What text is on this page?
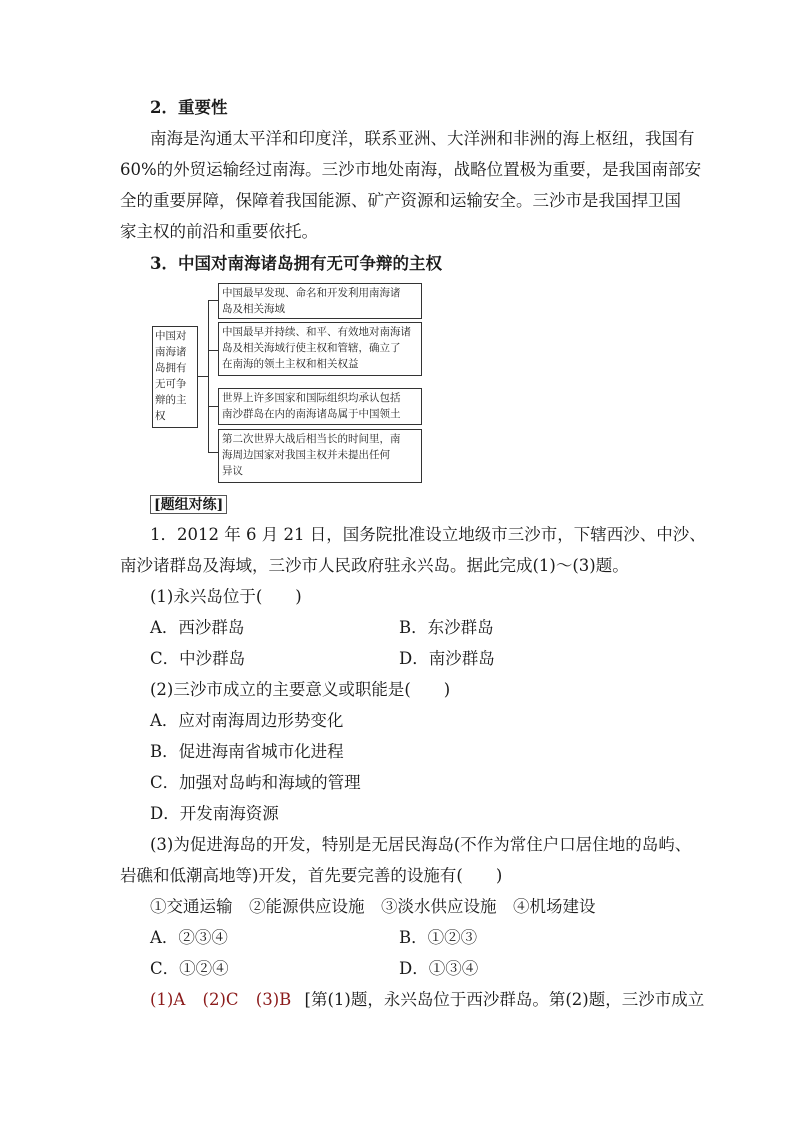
2．重要性
南海是沟通太平洋和印度洋，联系亚洲、大洋洲和非洲的海上枢纽，我国有
60%的外贸运输经过南海。三沙市地处南海，战略位置极为重要，是我国南部安
全的重要屏障，保障着我国能源、矿产资源和运输安全。三沙市是我国捍卫国
家主权的前沿和重要依托。
3．中国对南海诸岛拥有无可争辩的主权
中国对
南海诸
岛拥有
无可争
辩的主
权
中国最早发现、命名和开发利用南海诸
岛及相关海域
中国最早并持续、和平、有效地对南海诸
岛及相关海域行使主权和管辖，确立了
在南海的领土主权和相关权益
世界上许多国家和国际组织均承认包括
南沙群岛在内的南海诸岛属于中国领土
第二次世界大战后相当长的时间里，南
海周边国家对我国主权并未提出任何
异议
[题组对练]
1．2012 年 6 月 21 日，国务院批准设立地级市三沙市，下辖西沙、中沙、
南沙诸群岛及海域，三沙市人民政府驻永兴岛。据此完成(1)～(3)题。
(1)永兴岛位于(　　)
A．西沙群岛	B．东沙群岛
C．中沙群岛	D．南沙群岛
(2)三沙市成立的主要意义或职能是(　　)
A．应对南海周边形势变化
B．促进海南省城市化进程
C．加强对岛屿和海域的管理
D．开发南海资源
(3)为促进海岛的开发，特别是无居民海岛(不作为常住户口居住地的岛屿、
岩礁和低潮高地等)开发，首先要完善的设施有(　　)
①交通运输　②能源供应设施　③淡水供应设施　④机场建设
A．②③④	B．①②③
C．①②④	D．①③④
(1)A (2)C (3)B [第(1)题，永兴岛位于西沙群岛。第(2)题，三沙市成立
